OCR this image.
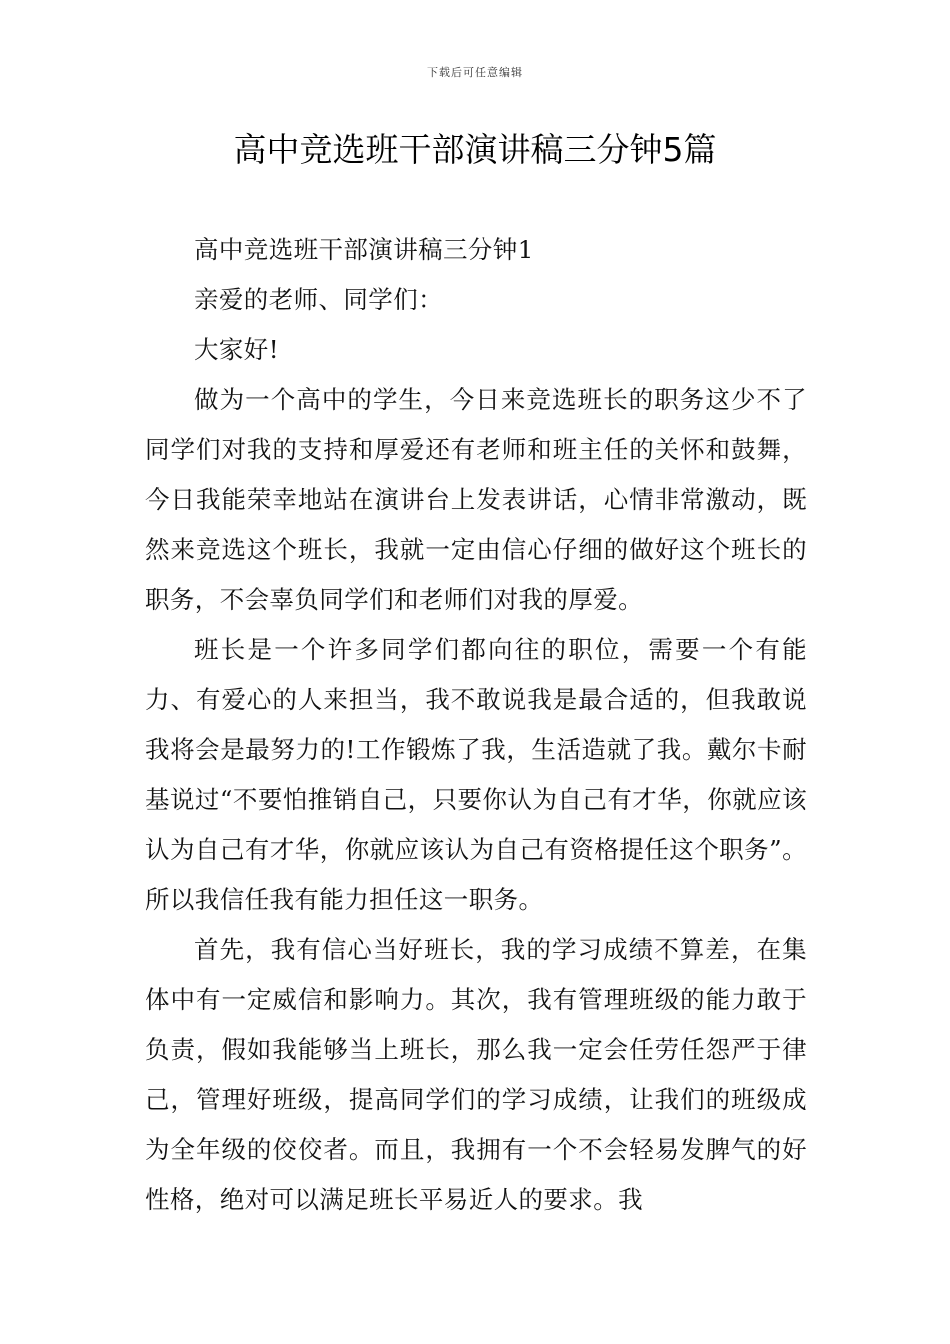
下载后可任意编辑
高中竞选班干部演讲稿三分钟5篇

高中竞选班干部演讲稿三分钟1

亲爱的老师、同学们：

大家好!

做为一个高中的学生，今日来竞选班长的职务这少不了同学们对我的支持和厚爱还有老师和班主任的关怀和鼓舞，今日我能荣幸地站在演讲台上发表讲话，心情非常激动，既然来竞选这个班长，我就一定由信心仔细的做好这个班长的职务，不会辜负同学们和老师们对我的厚爱。

班长是一个许多同学们都向往的职位，需要一个有能力、有爱心的人来担当，我不敢说我是最合适的，但我敢说我将会是最努力的!工作锻炼了我，生活造就了我。戴尔卡耐基说过“不要怕推销自己，只要你认为自己有才华，你就应该认为自己有才华，你就应该认为自己有资格提任这个职务”。所以我信任我有能力担任这一职务。

首先，我有信心当好班长，我的学习成绩不算差，在集体中有一定威信和影响力。其次，我有管理班级的能力敢于负责，假如我能够当上班长，那么我一定会任劳任怨严于律己，管理好班级，提高同学们的学习成绩，让我们的班级成为全年级的佼佼者。而且，我拥有一个不会轻易发脾气的好性格，绝对可以满足班长平易近人的要求。我
